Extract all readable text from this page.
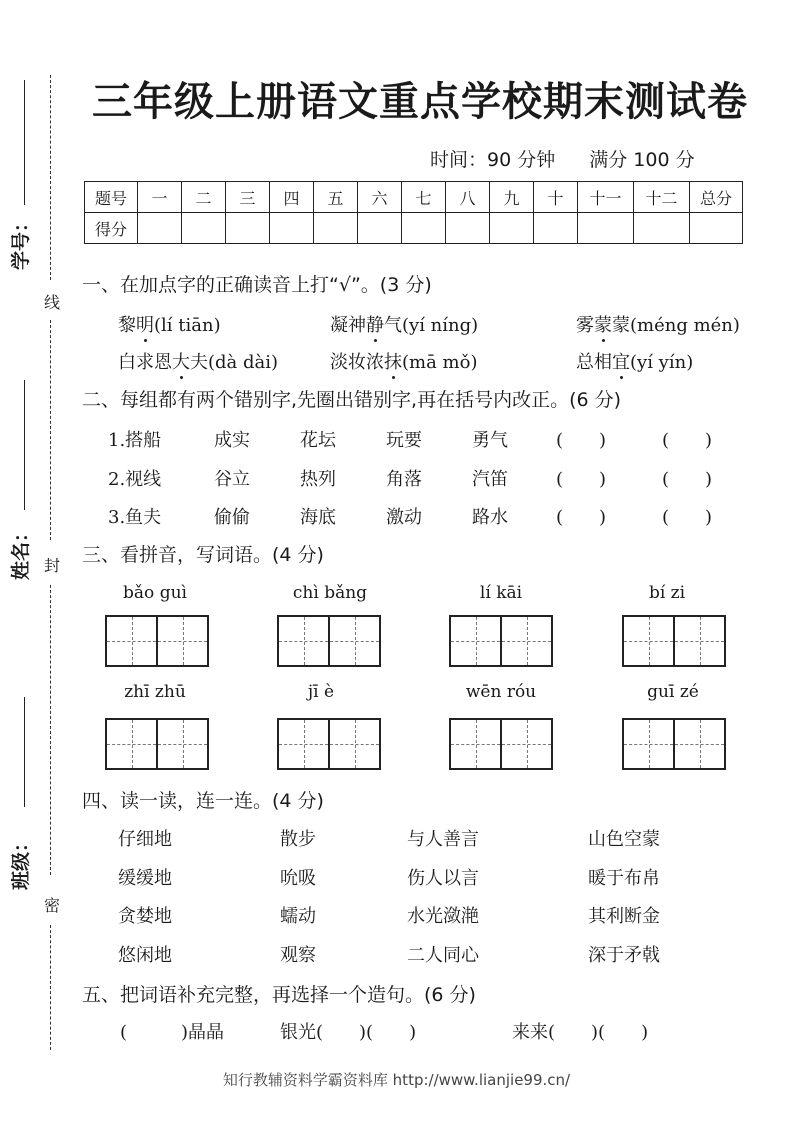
线
封
密
学号：
姓名：
班级：
三年级上册语文重点学校期末测试卷
时间：90 分钟 满分 100 分
题号	一	二	三	四	五	六	七	八	九	十	十一	十二	总分
得分													
一、在加点字的正确读音上打“√”。(3 分)
黎明(lí tiān)	凝神静气(yí níng)	雾蒙蒙(méng mén)
白求恩大夫(dà dài)	淡妆浓抹(mā mǒ)	总相宜(yí yín)
二、每组都有两个错别字,先圈出错别字,再在括号内改正。(6 分)
1.搭船	成实	花坛	玩要	勇气	(　　)	(　　)
2.视线	谷立	热列	角落	汽笛	(　　)	(　　)
3.鱼夫	偷偷	海底	激动	路水	(　　)	(　　)
三、看拼音，写词语。(4 分)
bǎo guì	chì bǎng	lí kāi	bí zi
zhī zhū	jī è	wēn róu	guī zé
四、读一读，连一连。(4 分)
仔细地	散步	与人善言	山色空蒙
缓缓地	吮吸	伤人以言	暖于布帛
贪婪地	蠕动	水光潋滟	其利断金
悠闲地	观察	二人同心	深于矛戟
五、把词语补充完整，再选择一个造句。(6 分)
(　　　)晶晶	银光(　　)(　　)	来来(　　)(　　)
知行教辅资料学霸资料库 http://www.lianjie99.cn/
